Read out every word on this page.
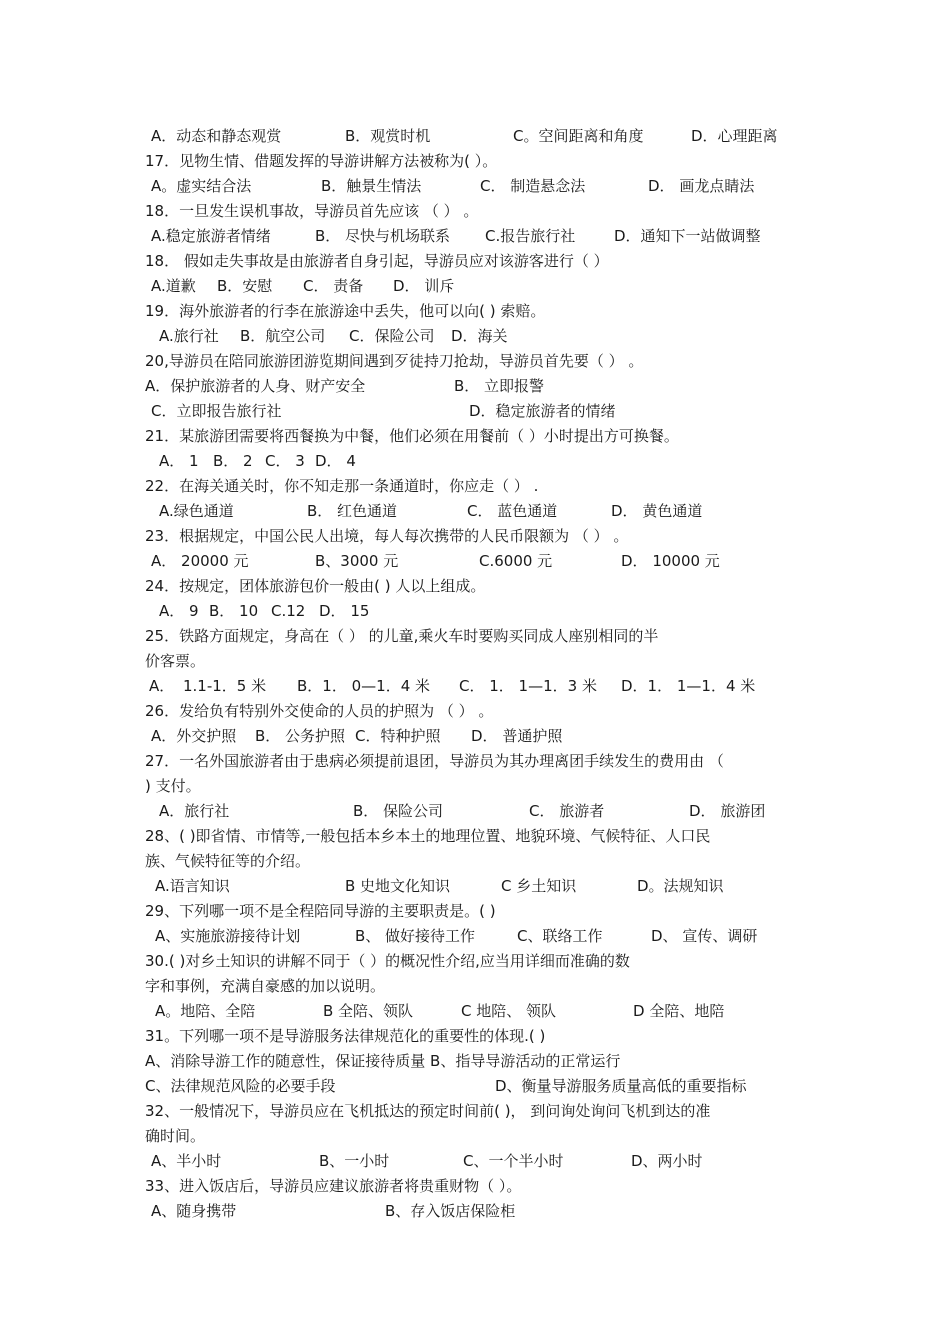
A．动态和静态观赏	B．观赏时机	C。空间距离和角度	D．心理距离
17．见物生情、借题发挥的导游讲解方法被称为( ）。
A。虚实结合法	B．触景生情法	C． 制造悬念法	D． 画龙点睛法
18．一旦发生误机事故，导游员首先应该 （ ） 。
A.稳定旅游者情绪	B． 尽快与机场联系 C.报告旅行社	D．通知下一站做调整
18． 假如走失事故是由旅游者自身引起，导游员应对该游客进行（ ）
A.道歉 B．安慰 C． 责备 D． 训斥
19．海外旅游者的行李在旅游途中丢失，他可以向( ) 索赔。
A.旅行社 B．航空公司 C．保险公司 D．海关
20,导游员在陪同旅游团游览期间遇到歹徒持刀抢劫，导游员首先要（ ） 。
A．保护旅游者的人身、财产安全	B． 立即报警
C．立即报告旅行社	D．稳定旅游者的情绪
21．某旅游团需要将西餐换为中餐，他们必须在用餐前（ ）小时提出方可换餐。
A． 1 B． 2 C． 3 D． 4
22．在海关通关时，你不知走那一条通道时，你应走（ ） .
A.绿色通道	B． 红色通道	C． 蓝色通道	D． 黄色通道
23．根据规定，中国公民人出境，每人每次携带的人民币限额为 （ ） 。
A． 20000 元	B、3000 元	C.6000 元	D． 10000 元
24．按规定，团体旅游包价一般由( ) 人以上组成。
A． 9 B． 10 C.12 D． 15
25．铁路方面规定，身高在（ ） 的儿童,乘火车时要购买同成人座别相同的半
价客票。
A． 1.1-1．5 米 B．1． 0—1．4 米 C． 1． 1—1．3 米 D．1． 1—1．4 米
26．发给负有特别外交使命的人员的护照为 （ ） 。
A．外交护照 B． 公务护照 C．特种护照 D． 普通护照
27．一名外国旅游者由于患病必须提前退团，导游员为其办理离团手续发生的费用由 （
) 支付。
A．旅行社	B． 保险公司	C． 旅游者	D． 旅游团
28、( )即省情、市情等,一般包括本乡本土的地理位置、地貌环境、气候特征、人口民
族、气候特征等的介绍。
A.语言知识	B 史地文化知识	C 乡土知识	D。法规知识
29、下列哪一项不是全程陪同导游的主要职责是。( )
A、实施旅游接待计划	B、 做好接待工作	C、联络工作	D、 宣传、调研
30.( )对乡土知识的讲解不同于（ ）的概况性介绍,应当用详细而准确的数
字和事例，充满自豪感的加以说明。
A。地陪、全陪	B 全陪、领队	C 地陪、 领队	D 全陪、地陪
31。下列哪一项不是导游服务法律规范化的重要性的体现.( )
A、消除导游工作的随意性，保证接待质量 B、指导导游活动的正常运行
C、法律规范风险的必要手段	D、衡量导游服务质量高低的重要指标
32、一般情况下，导游员应在飞机抵达的预定时间前( )， 到问询处询问飞机到达的准
确时间。
A、半小时	B、一小时	C、一个半小时	D、两小时
33、进入饭店后，导游员应建议旅游者将贵重财物（ ）。
A、随身携带	B、存入饭店保险柜
